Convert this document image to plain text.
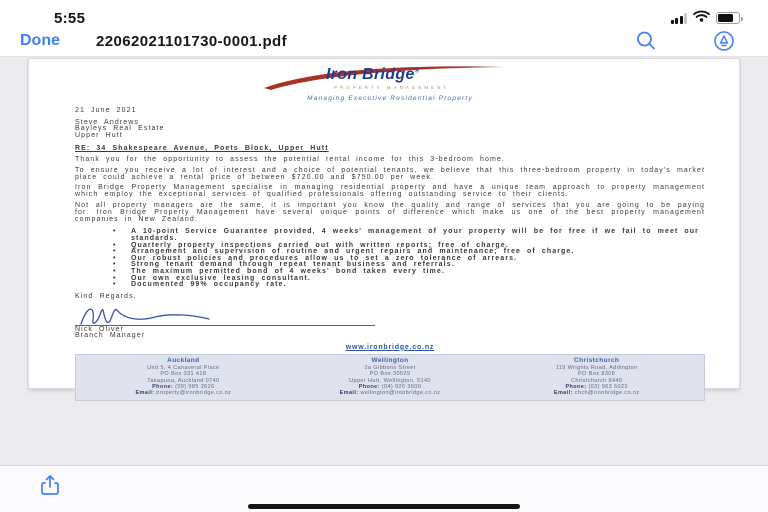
5:55
Done 22062021101730-0001.pdf
Iron Bridge®
PROPERTY MANAGEMENT
Managing Executive Residential Property
21 June 2021
Steve Andrews
Bayleys Real Estate
Upper Hutt
RE: 34 Shakespeare Avenue, Poets Block, Upper Hutt
Thank you for the opportunity to assess the potential rental income for this 3-bedroom home.
To ensure you receive a lot of interest and a choice of potential tenants, we believe that this three-bedroom property in today's market place could achieve a rental price of between $720.00 and $750.00 per week.
Iron Bridge Property Management specialise in managing residential property and have a unique team approach to property management which employ the exceptional services of qualified professionals offering outstanding service to their clients.
Not all property managers are the same, it is important you know the quality and range of services that you are going to be paying for. Iron Bridge Property Management have several unique points of difference which make us one of the best property management companies in New Zealand:
•	A 10-point Service Guarantee provided, 4 weeks' management of your property will be for free if we fail to meet our standards.
•	Quarterly property inspections carried out with written reports; free of charge.
•	Arrangement and supervision of routine and urgent repairs and maintenance; free of charge.
•	Our robust policies and procedures allow us to set a zero tolerance of arrears.
•	Strong tenant demand through repeat tenant business and referrals.
•	The maximum permitted bond of 4 weeks' bond taken every time.
•	Our own exclusive leasing consultant.
•	Documented 99% occupancy rate.
Kind Regards,
Nick Oliver
Branch Manager
www.ironbridge.co.nz
Auckland
Unit 5, 4 Canaveral Place
PO Box 331 418
Takapuna, Auckland 0740
Phone: (09) 985 2626
Email: property@ironbridge.co.nz
Wellington
1a Gibbons Street
PO Box 30529
Upper Hutt, Wellington, 5140
Phone: (04) 920 3600
Email: wellington@ironbridge.co.nz
Christchurch
119 Wrights Road, Addington
PO Box 8308
Christchurch 8440
Phone: (03) 963 5023
Email: chch@ironbridge.co.nz
